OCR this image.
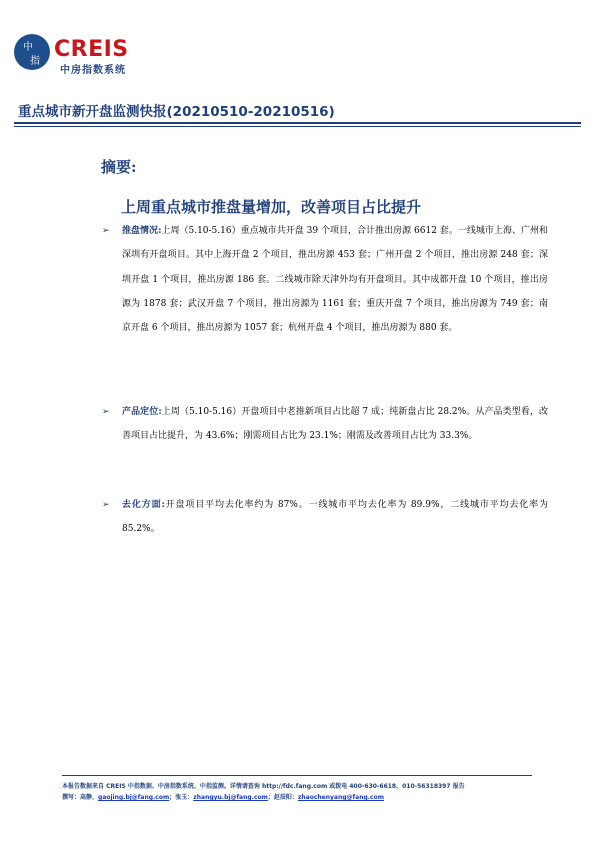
中
指 CREIS
中房指数系统
重点城市新开盘监测快报(20210510-20210516)
摘要:
上周重点城市推盘量增加，改善项目占比提升
➢ 推盘情况:上周（5.10-5.16）重点城市共开盘 39 个项目，合计推出房源 6612 套。一线城市上海、广州和深圳有开盘项目。其中上海开盘 2 个项目，推出房源 453 套；广州开盘 2 个项目，推出房源 248 套；深圳开盘 1 个项目，推出房源 186 套。二线城市除天津外均有开盘项目。其中成都开盘 10 个项目，推出房源为 1878 套；武汉开盘 7 个项目，推出房源为 1161 套；重庆开盘 7 个项目，推出房源为 749 套；南京开盘 6 个项目，推出房源为 1057 套；杭州开盘 4 个项目，推出房源为 880 套。
➢ 产品定位:上周（5.10-5.16）开盘项目中老推新项目占比超 7 成；纯新盘占比 28.2%。从产品类型看，改善项目占比提升，为 43.6%；刚需项目占比为 23.1%；刚需及改善项目占比为 33.3%。
➢ 去化方面:开盘项目平均去化率约为 87%。一线城市平均去化率为 89.9%，二线城市平均去化率为 85.2%。
本报告数据来自 CREIS 中指数据、中房指数系统、中指监测。详情请查询 http://fdc.fang.com 或拨电 400-630-6618、010-56318397 报告
撰写：高静，gaojing.bj@fang.com；张玉：zhangyu.bj@fang.com；赵辰阳：zhaochenyang@fang.com
